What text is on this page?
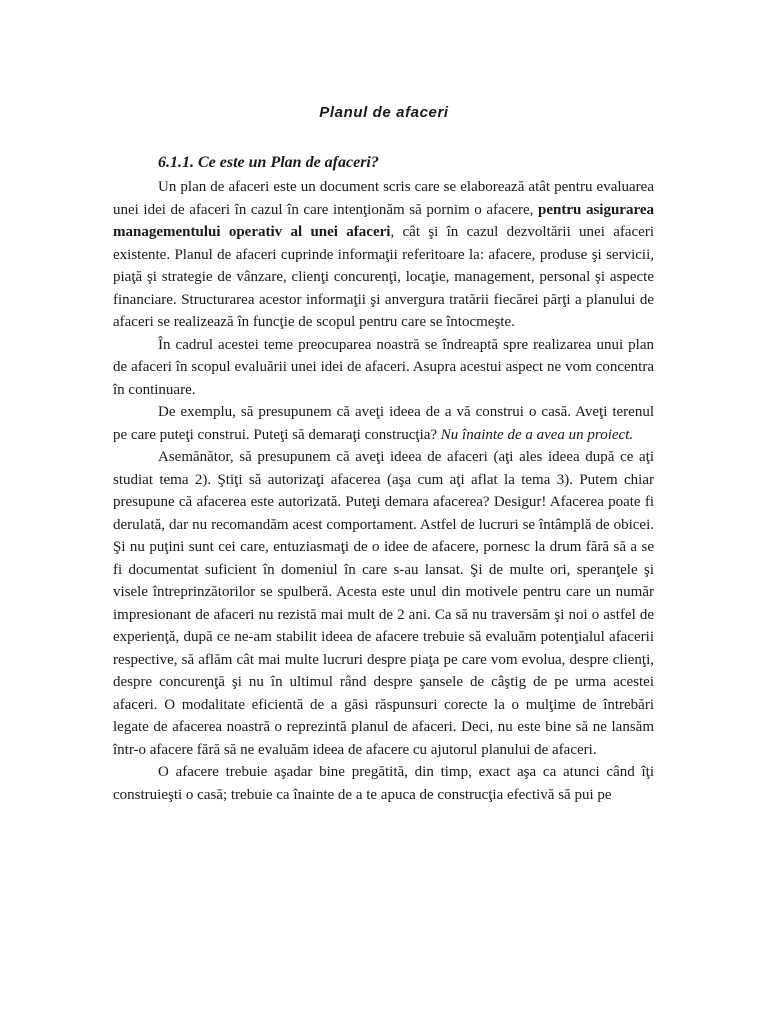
Planul de afaceri
6.1.1. Ce este un Plan de afaceri?

Un plan de afaceri este un document scris care se elaborează atât pentru evaluarea unei idei de afaceri în cazul în care intenţionăm să pornim o afacere, pentru asigurarea managementului operativ al unei afaceri, cât şi în cazul dezvoltării unei afaceri existente. Planul de afaceri cuprinde informaţii referitoare la: afacere, produse şi servicii, piaţă şi strategie de vânzare, clienţi concurenţi, locaţie, management, personal şi aspecte financiare. Structurarea acestor informaţii şi anvergura tratării fiecărei părţi a planului de afaceri se realizează în funcţie de scopul pentru care se întocmeşte.

În cadrul acestei teme preocuparea noastră se îndreaptă spre realizarea unui plan de afaceri în scopul evaluării unei idei de afaceri. Asupra acestui aspect ne vom concentra în continuare.

De exemplu, să presupunem că aveţi ideea de a vă construi o casă. Aveţi terenul pe care puteţi construi. Puteţi să demaraţi construcţia? Nu înainte de a avea un proiect.

Asemănător, să presupunem că aveţi ideea de afaceri (aţi ales ideea după ce aţi studiat tema 2). Ştiţi să autorizaţi afacerea (aşa cum aţi aflat la tema 3). Putem chiar presupune că afacerea este autorizată. Puteţi demara afacerea? Desigur! Afacerea poate fi derulată, dar nu recomandăm acest comportament. Astfel de lucruri se întâmplă de obicei. Şi nu puţini sunt cei care, entuziasmaţi de o idee de afacere, pornesc la drum fără să a se fi documentat suficient în domeniul în care s-au lansat. Şi de multe ori, speranţele şi visele întreprinzătorilor se spulberă. Acesta este unul din motivele pentru care un număr impresionant de afaceri nu rezistă mai mult de 2 ani. Ca să nu traversăm şi noi o astfel de experienţă, după ce ne-am stabilit ideea de afacere trebuie să evaluăm potenţialul afacerii respective, să aflăm cât mai multe lucruri despre piaţa pe care vom evolua, despre clienţi, despre concurenţă şi nu în ultimul rând despre şansele de câştig de pe urma acestei afaceri. O modalitate eficientă de a găsi răspunsuri corecte la o mulţime de întrebări legate de afacerea noastră o reprezintă planul de afaceri. Deci, nu este bine să ne lansăm într-o afacere fără să ne evaluăm ideea de afacere cu ajutorul planului de afaceri.

O afacere trebuie aşadar bine pregătită, din timp, exact aşa ca atunci când îţi construieşti o casă; trebuie ca înainte de a te apuca de construcţia efectivă să pui pe
